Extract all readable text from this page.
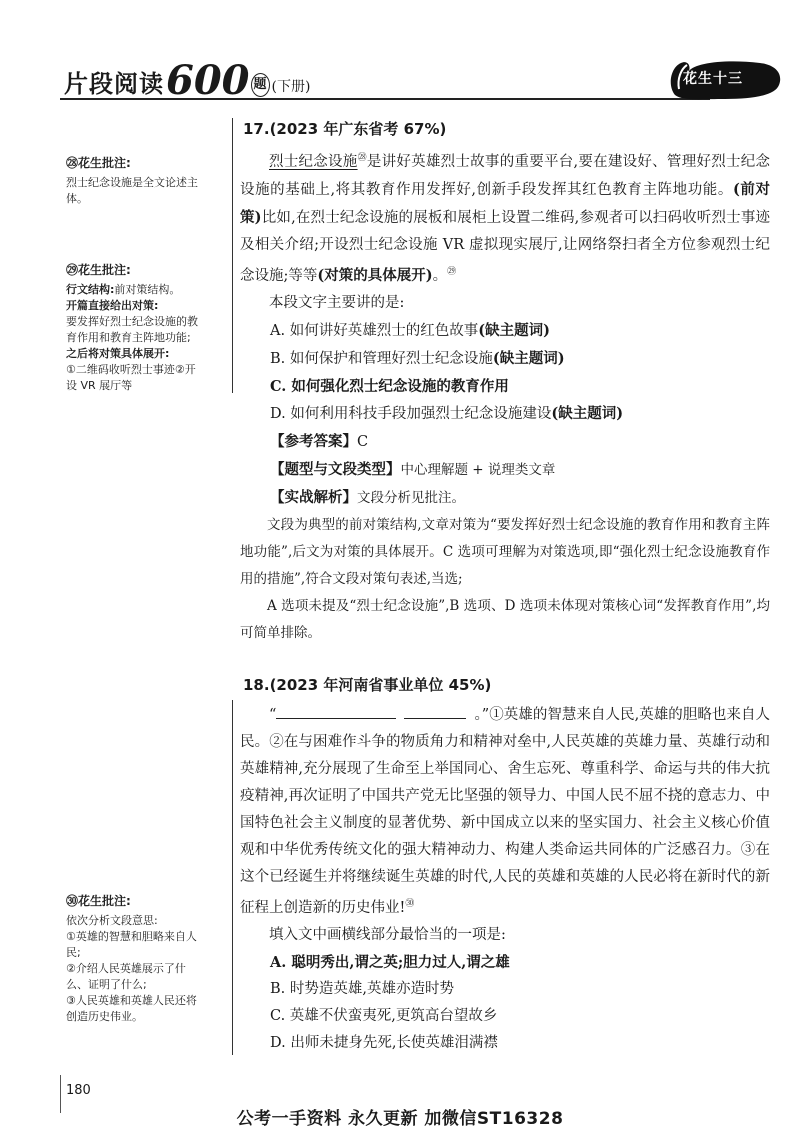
片段阅读 600 题 (下册)	花生十三
㉘花生批注:
烈士纪念设施是全文论述主
体。
㉙花生批注:
行文结构:前对策结构。
开篇直接给出对策:
要发挥好烈士纪念设施的教
育作用和教育主阵地功能;
之后将对策具体展开:
①二维码收听烈士事迹②开
设 VR 展厅等
㉚花生批注:
依次分析文段意思:
①英雄的智慧和胆略来自人
民;
②介绍人民英雄展示了什
么、证明了什么;
③人民英雄和英雄人民还将
创造历史伟业。
17.(2023 年广东省考 67%)
烈士纪念设施$^㉘$是讲好英雄烈士故事的重要平台,要在建设好、管理好烈士纪念设施的基础上,将其教育作用发挥好,创新手段发挥其红色教育主阵地功能。(前对策)比如,在烈士纪念设施的展板和展柜上设置二维码,参观者可以扫码收听烈士事迹及相关介绍;开设烈士纪念设施 VR 虚拟现实展厅,让网络祭扫者全方位参观烈士纪念设施;等等(对策的具体展开)。$^㉙$
本段文字主要讲的是:
A. 如何讲好英雄烈士的红色故事(缺主题词)
B. 如何保护和管理好烈士纪念设施(缺主题词)
C. 如何强化烈士纪念设施的教育作用
D. 如何利用科技手段加强烈士纪念设施建设(缺主题词)
【参考答案】C
【题型与文段类型】中心理解题 + 说理类文章
【实战解析】文段分析见批注。
文段为典型的前对策结构,文章对策为“要发挥好烈士纪念设施的教育作用和教育主阵地功能”,后文为对策的具体展开。C 选项可理解为对策选项,即“强化烈士纪念设施教育作用的措施”,符合文段对策句表述,当选;
A 选项未提及“烈士纪念设施”,B 选项、D 选项未体现对策核心词“发挥教育作用”,均可简单排除。
18.(2023 年河南省事业单位 45%)
“	。”①英雄的智慧来自人民,英雄的胆略也来自人民。②在与困难作斗争的物质角力和精神对垒中,人民英雄的英雄力量、英雄行动和英雄精神,充分展现了生命至上举国同心、舍生忘死、尊重科学、命运与共的伟大抗疫精神,再次证明了中国共产党无比坚强的领导力、中国人民不屈不挠的意志力、中国特色社会主义制度的显著优势、新中国成立以来的坚实国力、社会主义核心价值观和中华优秀传统文化的强大精神动力、构建人类命运共同体的广泛感召力。③在这个已经诞生并将继续诞生英雄的时代,人民的英雄和英雄的人民必将在新时代的新征程上创造新的历史伟业!$^㉚$
填入文中画横线部分最恰当的一项是:
A. 聪明秀出,谓之英;胆力过人,谓之雄
B. 时势造英雄,英雄亦造时势
C. 英雄不伏蛮夷死,更筑高台望故乡
D. 出师未捷身先死,长使英雄泪满襟
180
公考一手资料 永久更新 加微信ST16328
